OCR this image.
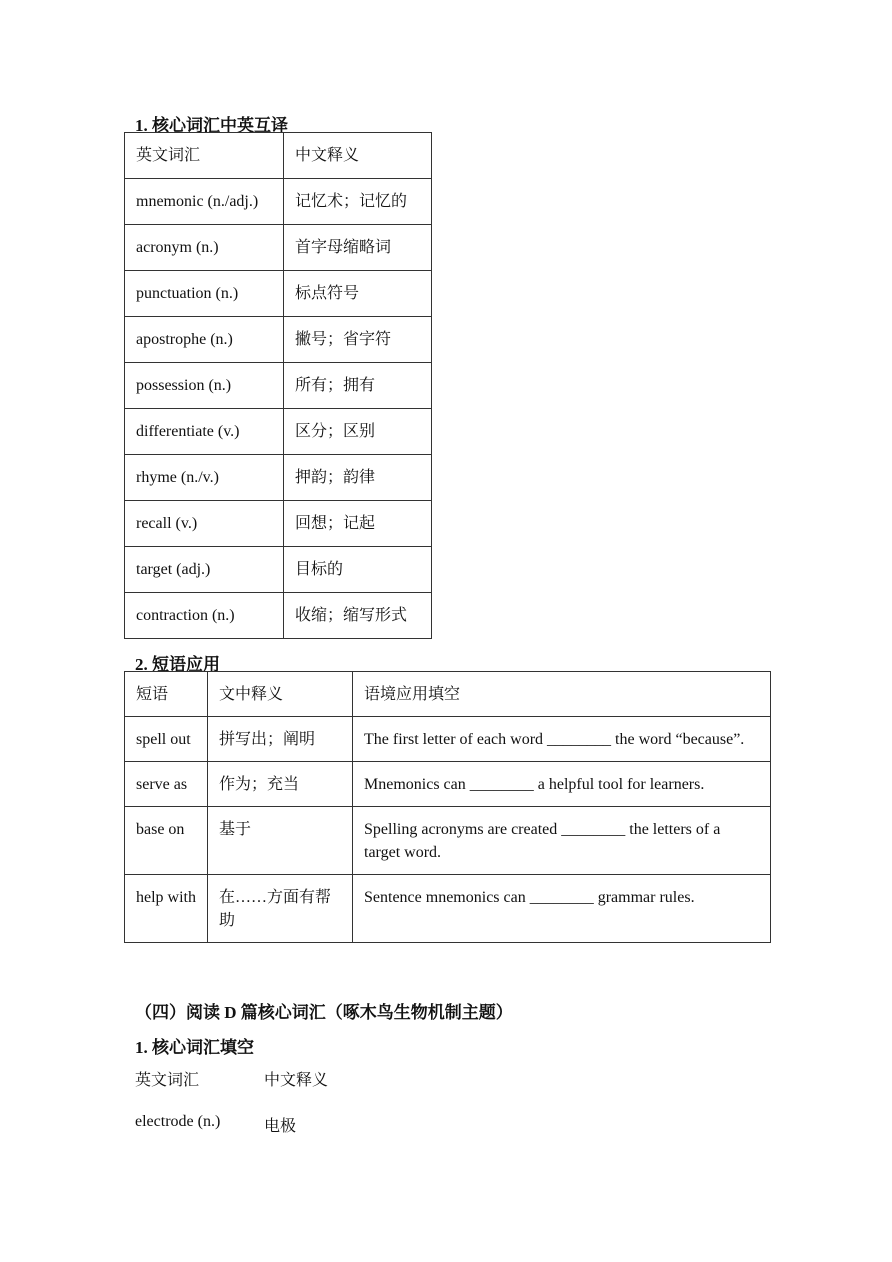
1. 核心词汇中英互译
英文词汇	中文释义
mnemonic (n./adj.)	记忆术；记忆的
acronym (n.)	首字母缩略词
punctuation (n.)	标点符号
apostrophe (n.)	撇号；省字符
possession (n.)	所有；拥有
differentiate (v.)	区分；区别
rhyme (n./v.)	押韵；韵律
recall (v.)	回想；记起
target (adj.)	目标的
contraction (n.)	收缩；缩写形式
2. 短语应用
短语	文中释义	语境应用填空
spell out	拼写出；阐明	The first letter of each word ________ the word “because”.
serve as	作为；充当	Mnemonics can ________ a helpful tool for learners.
base on	基于	Spelling acronyms are created ________ the letters of a target word.
help with	在……方面有帮助	Sentence mnemonics can ________ grammar rules.
（四）阅读 D 篇核心词汇（啄木鸟生物机制主题）
1. 核心词汇填空
英文词汇	中文释义
electrode (n.)	电极
